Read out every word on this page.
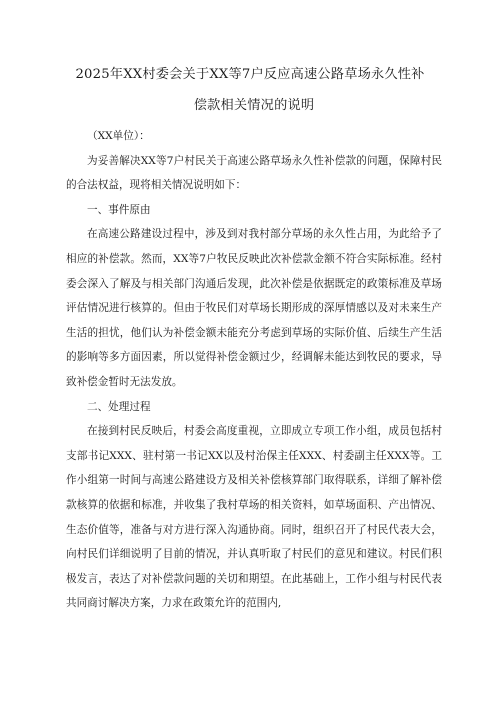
2025年XX村委会关于XX等7户反应高速公路草场永久性补

偿款相关情况的说明

（XX单位）：

为妥善解决XX等7户村民关于高速公路草场永久性补偿款的问题，保障村民的合法权益，现将相关情况说明如下：

一、事件原由

在高速公路建设过程中，涉及到对我村部分草场的永久性占用，为此给予了相应的补偿款。然而，XX等7户牧民反映此次补偿款金额不符合实际标准。经村委会深入了解及与相关部门沟通后发现，此次补偿是依据既定的政策标准及草场评估情况进行核算的。但由于牧民们对草场长期形成的深厚情感以及对未来生产生活的担忧，他们认为补偿金额未能充分考虑到草场的实际价值、后续生产生活的影响等多方面因素，所以觉得补偿金额过少，经调解未能达到牧民的要求，导致补偿金暂时无法发放。

二、处理过程

在接到村民反映后，村委会高度重视，立即成立专项工作小组，成员包括村支部书记XXX、驻村第一书记XX以及村治保主任XXX、村委副主任XXX等。工作小组第一时间与高速公路建设方及相关补偿核算部门取得联系，详细了解补偿款核算的依据和标准，并收集了我村草场的相关资料，如草场面积、产出情况、生态价值等，准备与对方进行深入沟通协商。同时，组织召开了村民代表大会，向村民们详细说明了目前的情况，并认真听取了村民们的意见和建议。村民们积极发言，表达了对补偿款问题的关切和期望。在此基础上，工作小组与村民代表共同商讨解决方案，力求在政策允许的范围内,
